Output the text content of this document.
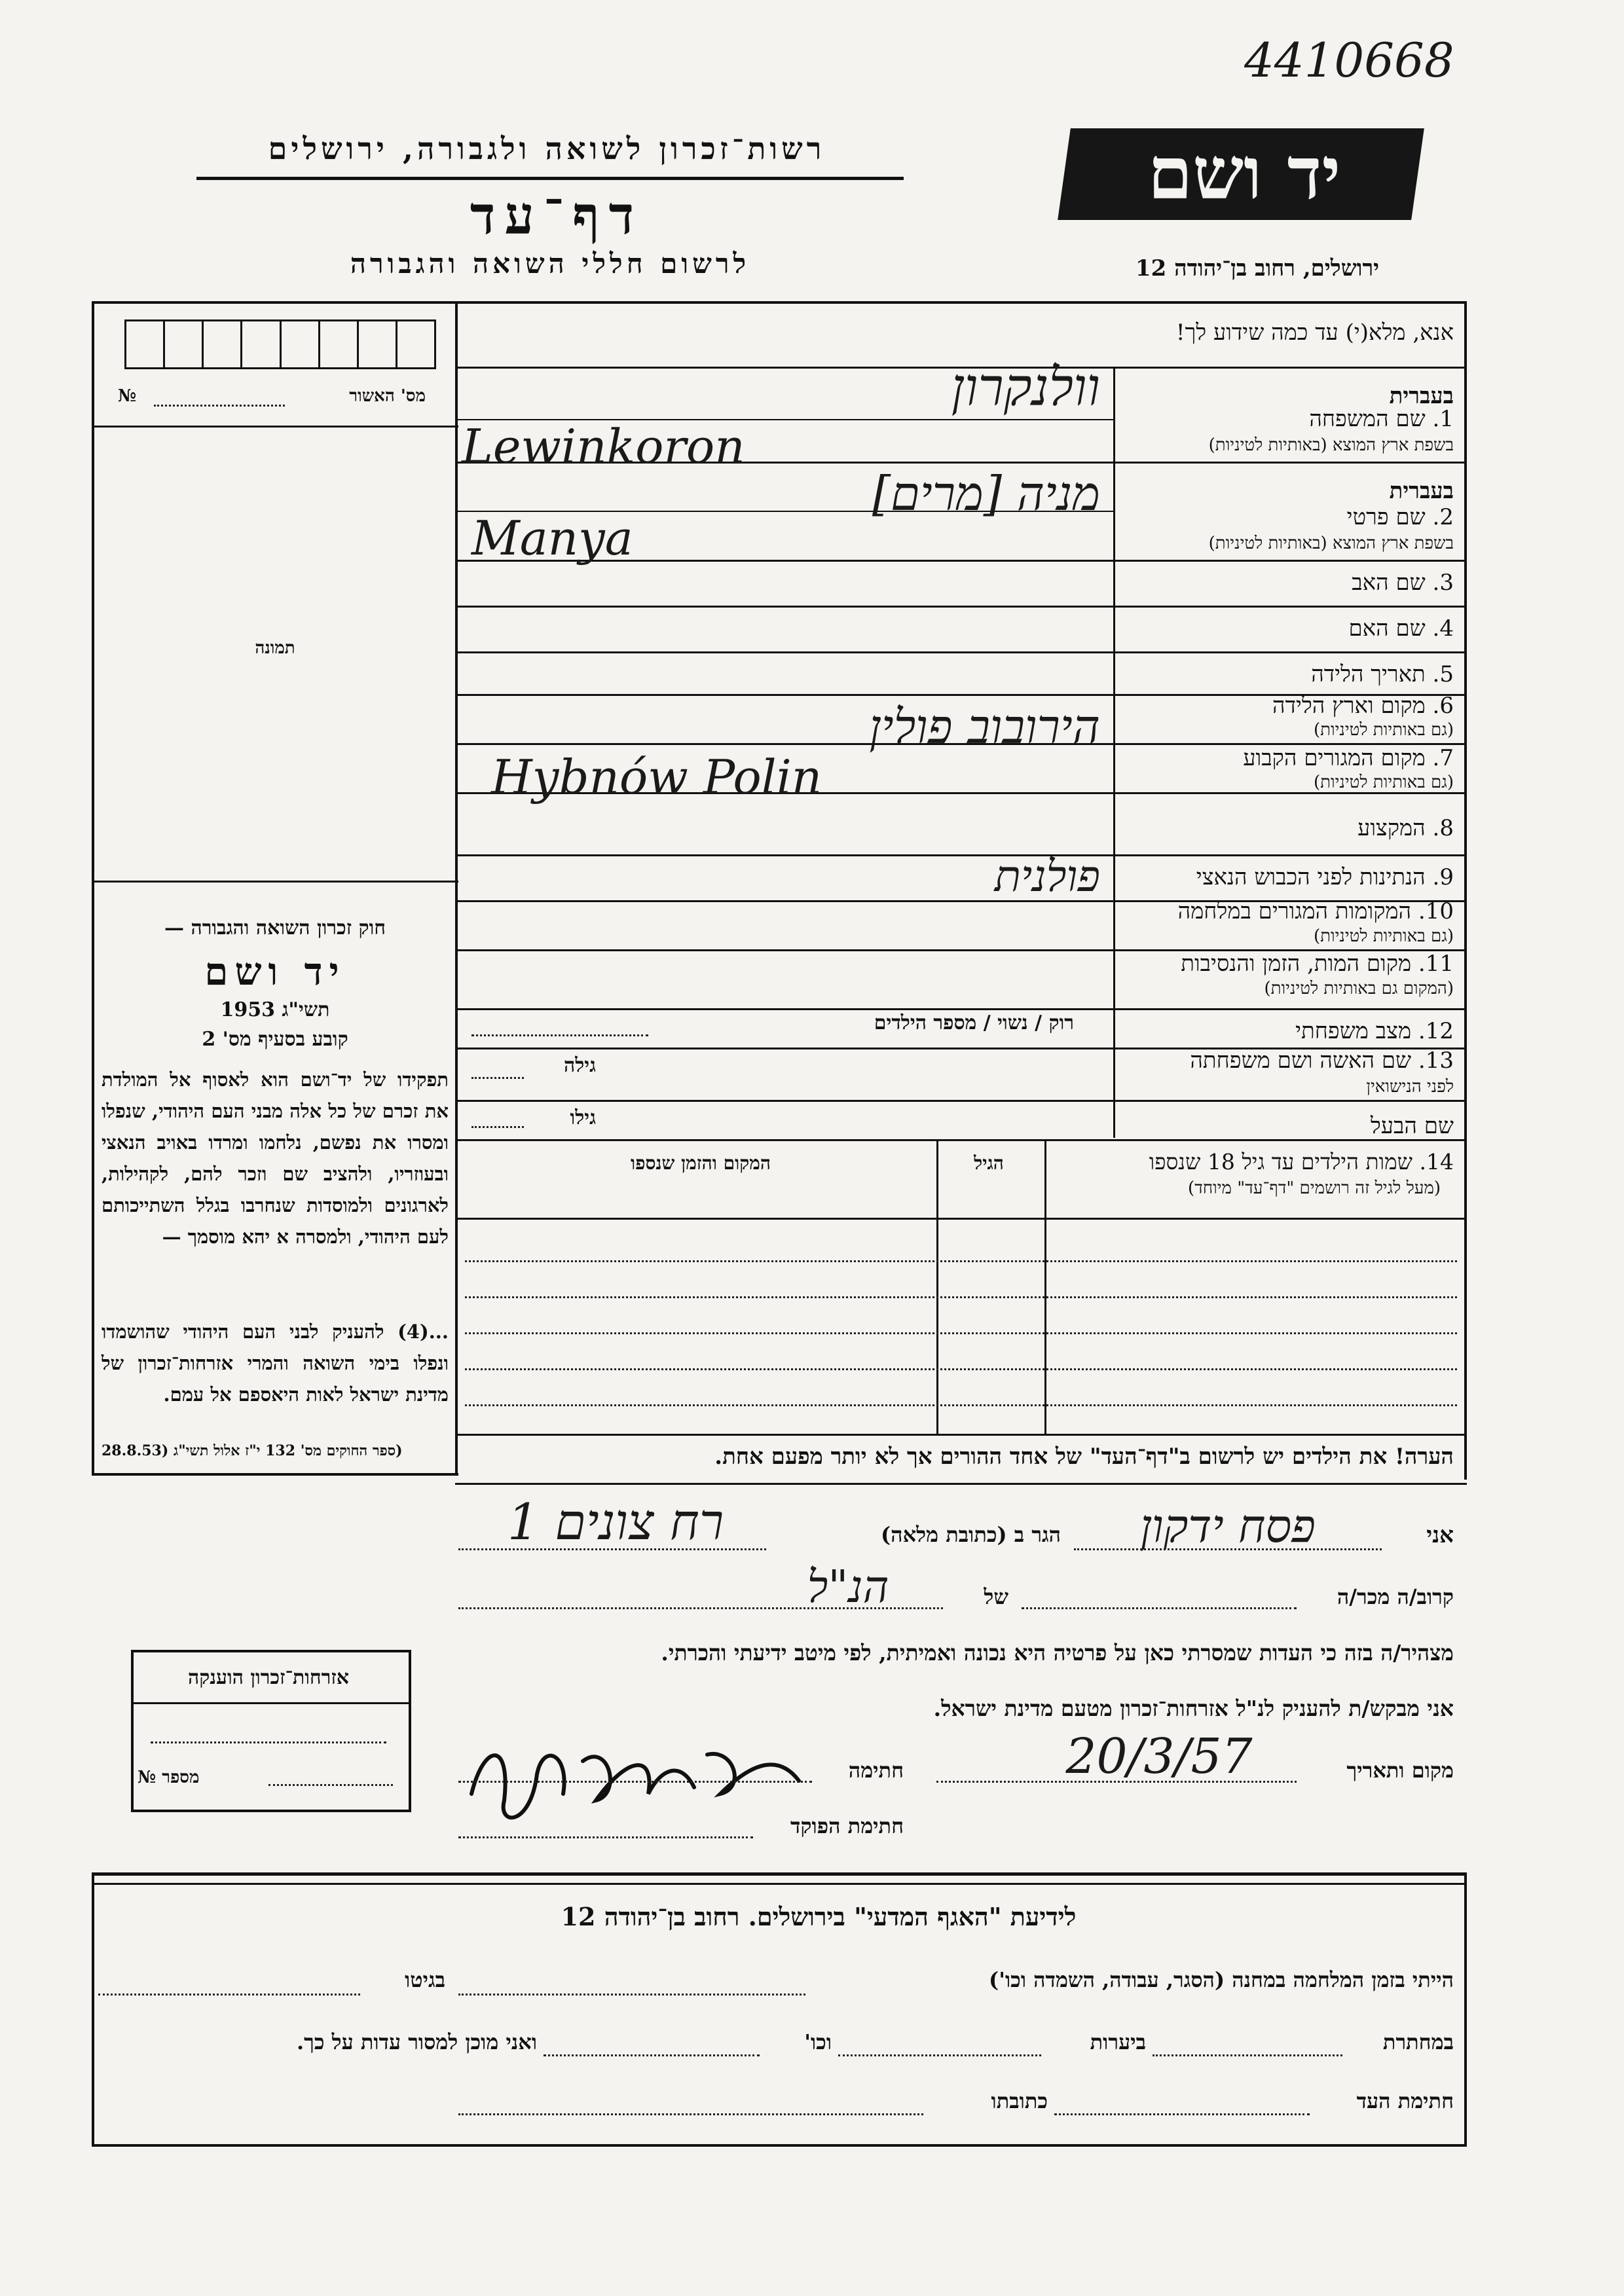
4410668
רשות־זכרון לשואה ולגבורה, ירושלים
דף־עד
לרשום חללי השואה והגבורה
יד ושם
ירושלים, רחוב בן־יהודה 12
№	מס' האשור
תמונה
חוק זכרון השואה והגבורה —
יד ושם
1953 תשי"ג
קובע בסעיף מס' 2
תפקידו של יד־ושם הוא לאסוף אל המולדת את זכרם של כל אלה מבני העם היהודי, שנפלו ומסרו את נפשם, נלחמו ומרדו באויב הנאצי ובעוזריו, ולהציב שם וזכר להם, לקהילות, לארגונים ולמוסדות שנחרבו בגלל השתייכותם לעם היהודי, ולמסרה א יהא מוסמך —
...(4) להעניק לבני העם היהודי שהושמדו ונפלו בימי השואה והמרי אזרחות־זכרון של מדינת ישראל לאות היאספם אל עמם.
(ספר החוקים מס' 132 י"ז אלול תשי"ג (28.8.53
אזרחות־זכרון הוענקה
מספר №
אנא, מלא(י) עד כמה שידוע לך!
בעברית
1. שם המשפחה
בשפת ארץ המוצא (באותיות לטיניות)
בעברית
2. שם פרטי
בשפת ארץ המוצא (באותיות לטיניות)
3. שם האב
4. שם האם
5. תאריך הלידה
6. מקום וארץ הלידה
(גם באותיות לטיניות)
7. מקום המגורים הקבוע
(גם באותיות לטיניות)
8. המקצוע
9. הנתינות לפני הכבוש הנאצי
10. המקומות המגורים במלחמה
(גם באותיות לטיניות)
11. מקום המות, הזמן והנסיבות
(המקום גם באותיות לטיניות)
12. מצב משפחתי
13. שם האשה ושם משפחתה
לפני הנישואין
שם הבעל
וולנקרון
Lewinkoron
מניה [מרים]
Manya
הירובוב פולין
Hybnów Polin
פולנית
רוק / נשוי / מספר הילדים
גילה
גילו
14. שמות הילדים עד גיל 18 שנספו
(מעל לגיל זה רושמים "דף־עד" מיוחד)
הגיל
המקום והזמן שנספו
הערה! את הילדים יש לרשום ב"דף־העד" של אחד ההורים אך לא יותר מפעם אחת.
אני
פסח ידקון
הגר ב (כתובת מלאה)
רח צונים 1
קרוב/ה מכר/ה
של
הנ"ל
מצהיר/ה בזה כי העדות שמסרתי כאן על פרטיה היא נכונה ואמיתית, לפי מיטב ידיעתי והכרתי.
אני מבקש/ת להעניק לנ"ל אזרחות־זכרון מטעם מדינת ישראל.
מקום ותאריך
20/3/57
חתימה
חתימת הפוקד
לידיעת "האגף המדעי" בירושלים. רחוב בן־יהודה 12
הייתי בזמן המלחמה במחנה (הסגר, עבודה, השמדה וכו')
בגיטו
במחתרת
ביערות
וכו'
ואני מוכן למסור עדות על כך.
חתימת העד
כתובתו
